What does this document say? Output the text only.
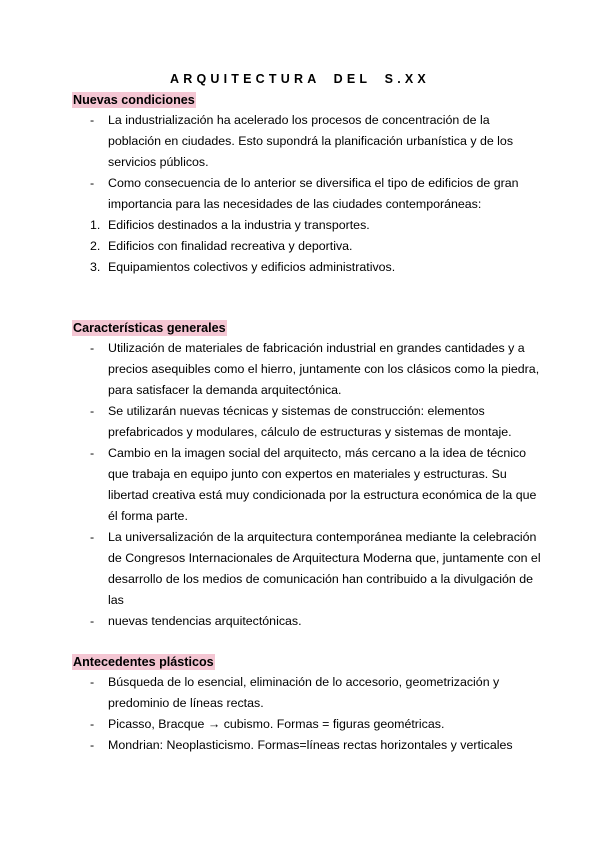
ARQUITECTURA DEL S.XX
Nuevas condiciones
- La industrialización ha acelerado los procesos de concentración de la población en ciudades. Esto supondrá la planificación urbanística y de los servicios públicos.
- Como consecuencia de lo anterior se diversifica el tipo de edificios de gran importancia para las necesidades de las ciudades contemporáneas:
1. Edificios destinados a la industria y transportes.
2. Edificios con finalidad recreativa y deportiva.
3. Equipamientos colectivos y edificios administrativos.
Características generales
- Utilización de materiales de fabricación industrial en grandes cantidades y a precios asequibles como el hierro, juntamente con los clásicos como la piedra, para satisfacer la demanda arquitectónica.
- Se utilizarán nuevas técnicas y sistemas de construcción: elementos prefabricados y modulares, cálculo de estructuras y sistemas de montaje.
- Cambio en la imagen social del arquitecto, más cercano a la idea de técnico que trabaja en equipo junto con expertos en materiales y estructuras. Su libertad creativa está muy condicionada por la estructura económica de la que él forma parte.
- La universalización de la arquitectura contemporánea mediante la celebración de Congresos Internacionales de Arquitectura Moderna que, juntamente con el desarrollo de los medios de comunicación han contribuido a la divulgación de las
- nuevas tendencias arquitectónicas.
Antecedentes plásticos
- Búsqueda de lo esencial, eliminación de lo accesorio, geometrización y predominio de líneas rectas.
- Picasso, Bracque → cubismo. Formas = figuras geométricas.
- Mondrian: Neoplasticismo. Formas=líneas rectas horizontales y verticales
